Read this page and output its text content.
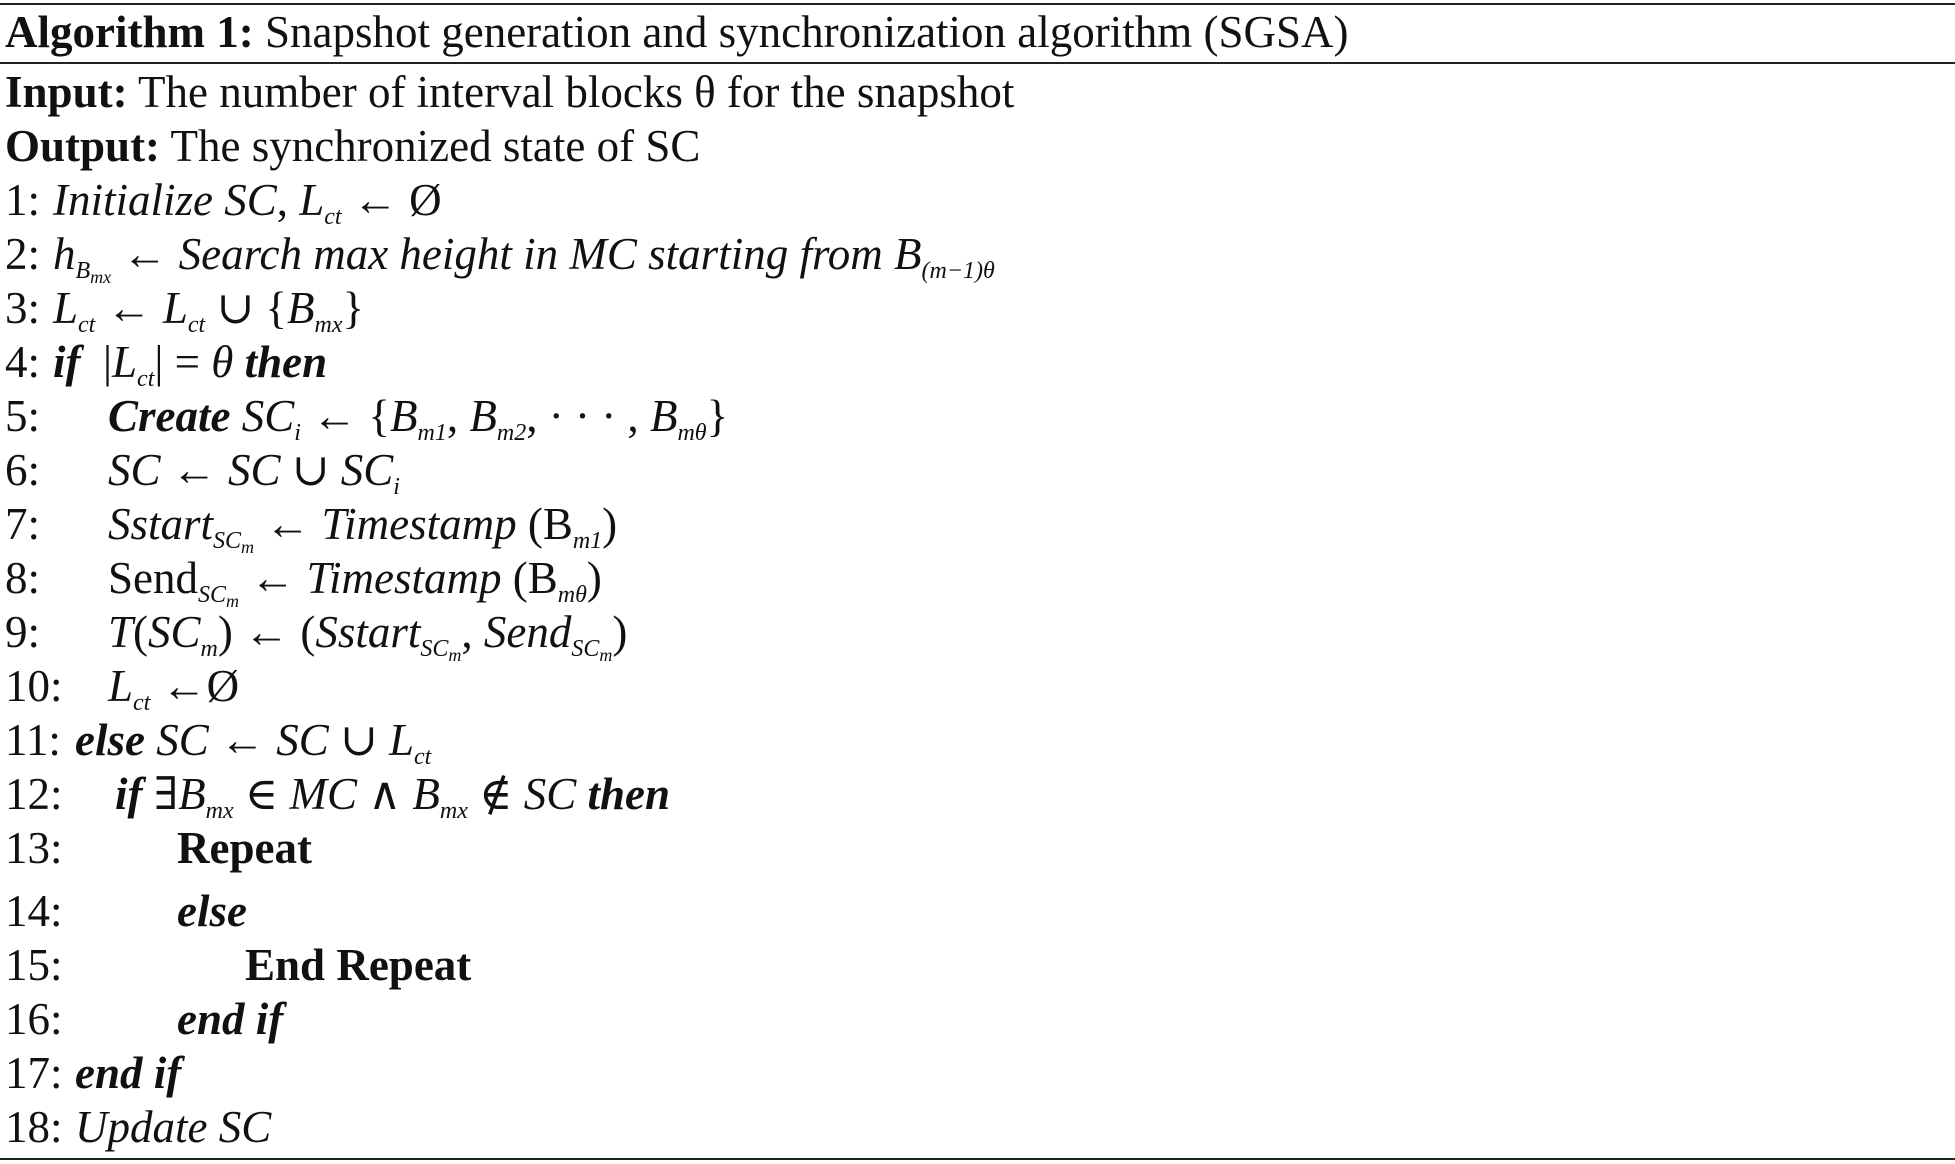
Algorithm 1: Snapshot generation and synchronization algorithm (SGSA)
Input: The number of interval blocks θ for the snapshot
Output: The synchronized state of SC
1: Initialize SC, $L_{ct}$ ← Ø
2: $h_{B_{mx}}$ ← Search max height in MC starting from $B_{(m-1)\theta}$
3: $L_{ct}$ ← $L_{ct}$ ∪ $\{B_{mx}\}$
4: if  $|L_{ct}| = \theta$ then
5: Create $SC_i$ ← {$B_{m1}$, $B_{m2}$, · · · , $B_{m\theta}$}
6: SC ← SC ∪ $SC_i$
7: Sstart$_{SC_m}$ ← Timestamp $(B_{m1})$
8: Send$_{SC_m}$ ← Timestamp $(B_{m\theta})$
9: $T(SC_m)$ ← (Sstart$_{SC_m}$, Send$_{SC_m}$)
10: $L_{ct}$ ←Ø
11: else SC ← SC ∪ $L_{ct}$
12: if $\exists B_{mx}$ ∈ MC ∧ $B_{mx}$ ∉ SC then
13:	Repeat
14:	else
15:	End Repeat
16:	end if
17: end if
18: Update SC
